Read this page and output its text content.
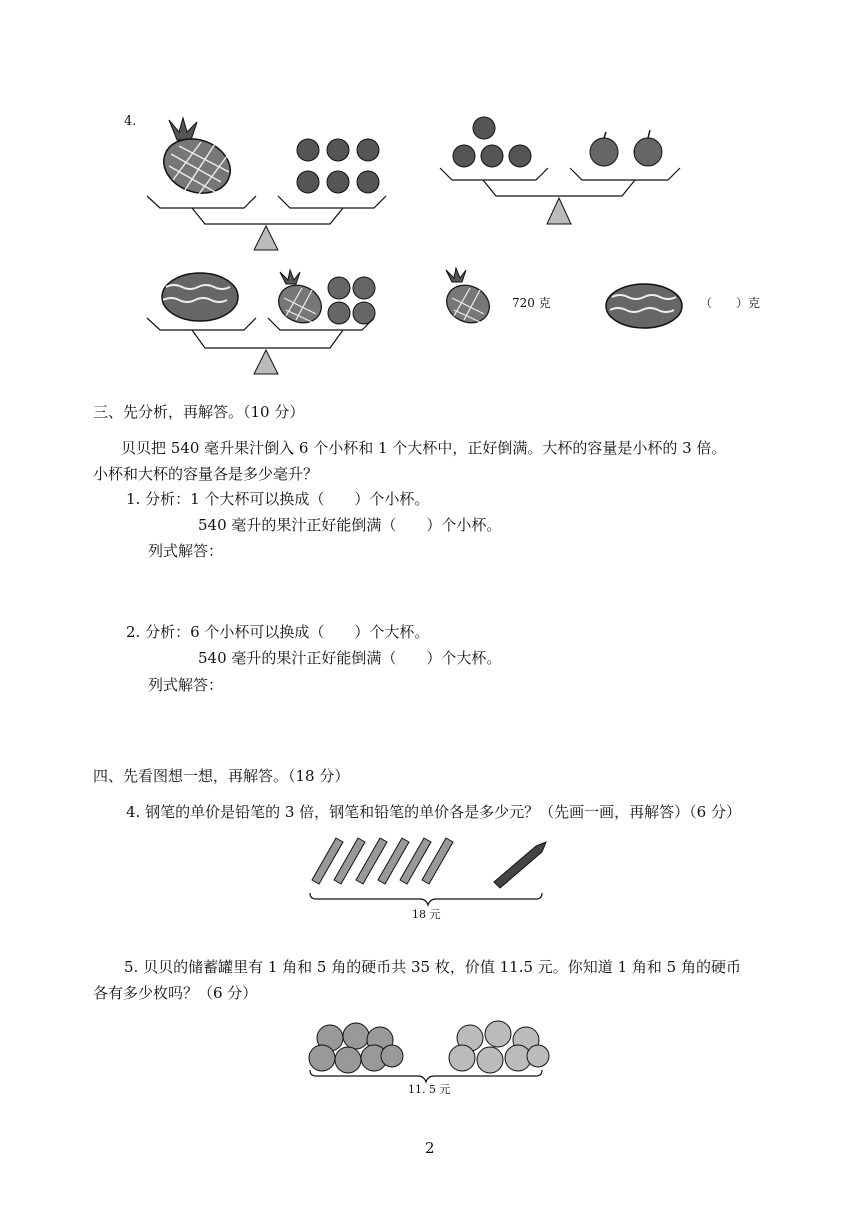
4.
720 克	（　　）克
三、先分析，再解答。（10 分）
贝贝把 540 毫升果汁倒入 6 个小杯和 1 个大杯中，正好倒满。大杯的容量是小杯的 3 倍。
小杯和大杯的容量各是多少毫升？
1. 分析：1 个大杯可以换成（　　）个小杯。
540 毫升的果汁正好能倒满（　　）个小杯。
列式解答：
2. 分析：6 个小杯可以换成（　　）个大杯。
540 毫升的果汁正好能倒满（　　）个大杯。
列式解答：
四、先看图想一想，再解答。（18 分）
4. 钢笔的单价是铅笔的 3 倍，钢笔和铅笔的单价各是多少元？（先画一画，再解答）（6 分）
18 元
5. 贝贝的储蓄罐里有 1 角和 5 角的硬币共 35 枚，价值 11.5 元。你知道 1 角和 5 角的硬币
各有多少枚吗？（6 分）
11. 5 元
2
